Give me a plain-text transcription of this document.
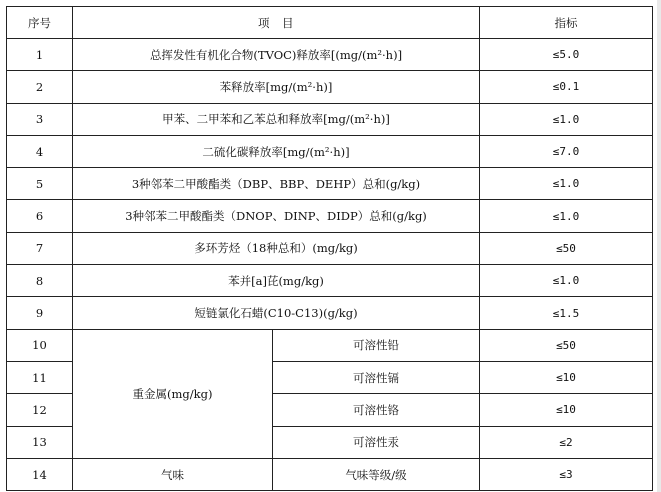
序号	项　目		指标
1	总挥发性有机化合物(TVOC)释放率[(mg/(m²·h)]		≤5.0
2	苯释放率[mg/(m²·h)]		≤0.1
3	甲苯、二甲苯和乙苯总和释放率[mg/(m²·h)]		≤1.0
4	二硫化碳释放率[mg/(m²·h)]		≤7.0
5	3种邻苯二甲酸酯类（DBP、BBP、DEHP）总和(g/kg)		≤1.0
6	3种邻苯二甲酸酯类（DNOP、DINP、DIDP）总和(g/kg)		≤1.0
7	多环芳烃（18种总和）(mg/kg)		≤50
8	苯并[a]芘(mg/kg)		≤1.0
9	短链氯化石蜡(C10-C13)(g/kg)		≤1.5
10	重金属(mg/kg)	可溶性铅	≤50
11		可溶性镉	≤10
12		可溶性铬	≤10
13		可溶性汞	≤2
14	气味	气味等级/级	≤3
